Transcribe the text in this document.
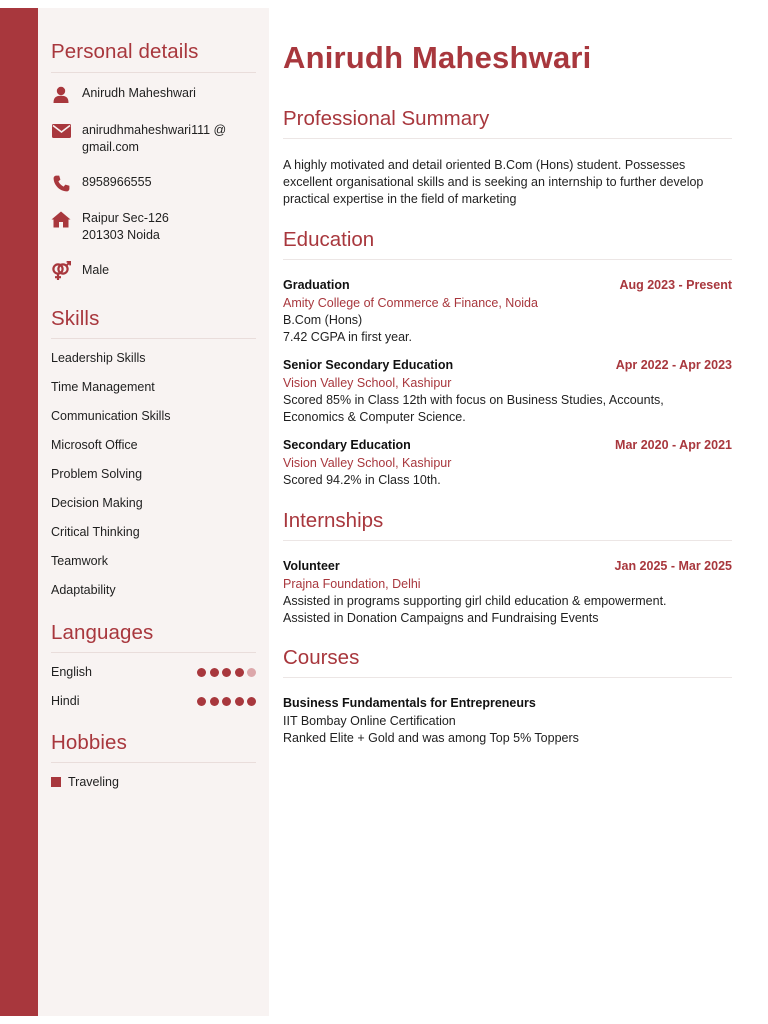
Personal details
Anirudh Maheshwari
anirudhmaheshwari111 @
gmail.com
8958966555
Raipur Sec-126
201303 Noida
Male
Skills
Leadership Skills
Time Management
Communication Skills
Microsoft Office
Problem Solving
Decision Making
Critical Thinking
Teamwork
Adaptability
Languages
English
Hindi
Hobbies
Traveling
Anirudh Maheshwari
Professional Summary
A highly motivated and detail oriented B.Com (Hons) student. Possesses excellent organisational skills and is seeking an internship to further develop practical expertise in the field of marketing
Education
Graduation	Aug 2023 - Present
Amity College of Commerce & Finance, Noida
B.Com (Hons)
7.42 CGPA in first year.
Senior Secondary Education	Apr 2022 - Apr 2023
Vision Valley School, Kashipur
Scored 85% in Class 12th with focus on Business Studies, Accounts,
Economics & Computer Science.
Secondary Education	Mar 2020 - Apr 2021
Vision Valley School, Kashipur
Scored 94.2% in Class 10th.
Internships
Volunteer	Jan 2025 - Mar 2025
Prajna Foundation, Delhi
Assisted in programs supporting girl child education & empowerment.
Assisted in Donation Campaigns and Fundraising Events
Courses
Business Fundamentals for Entrepreneurs
IIT Bombay Online Certification
Ranked Elite + Gold and was among Top 5% Toppers
